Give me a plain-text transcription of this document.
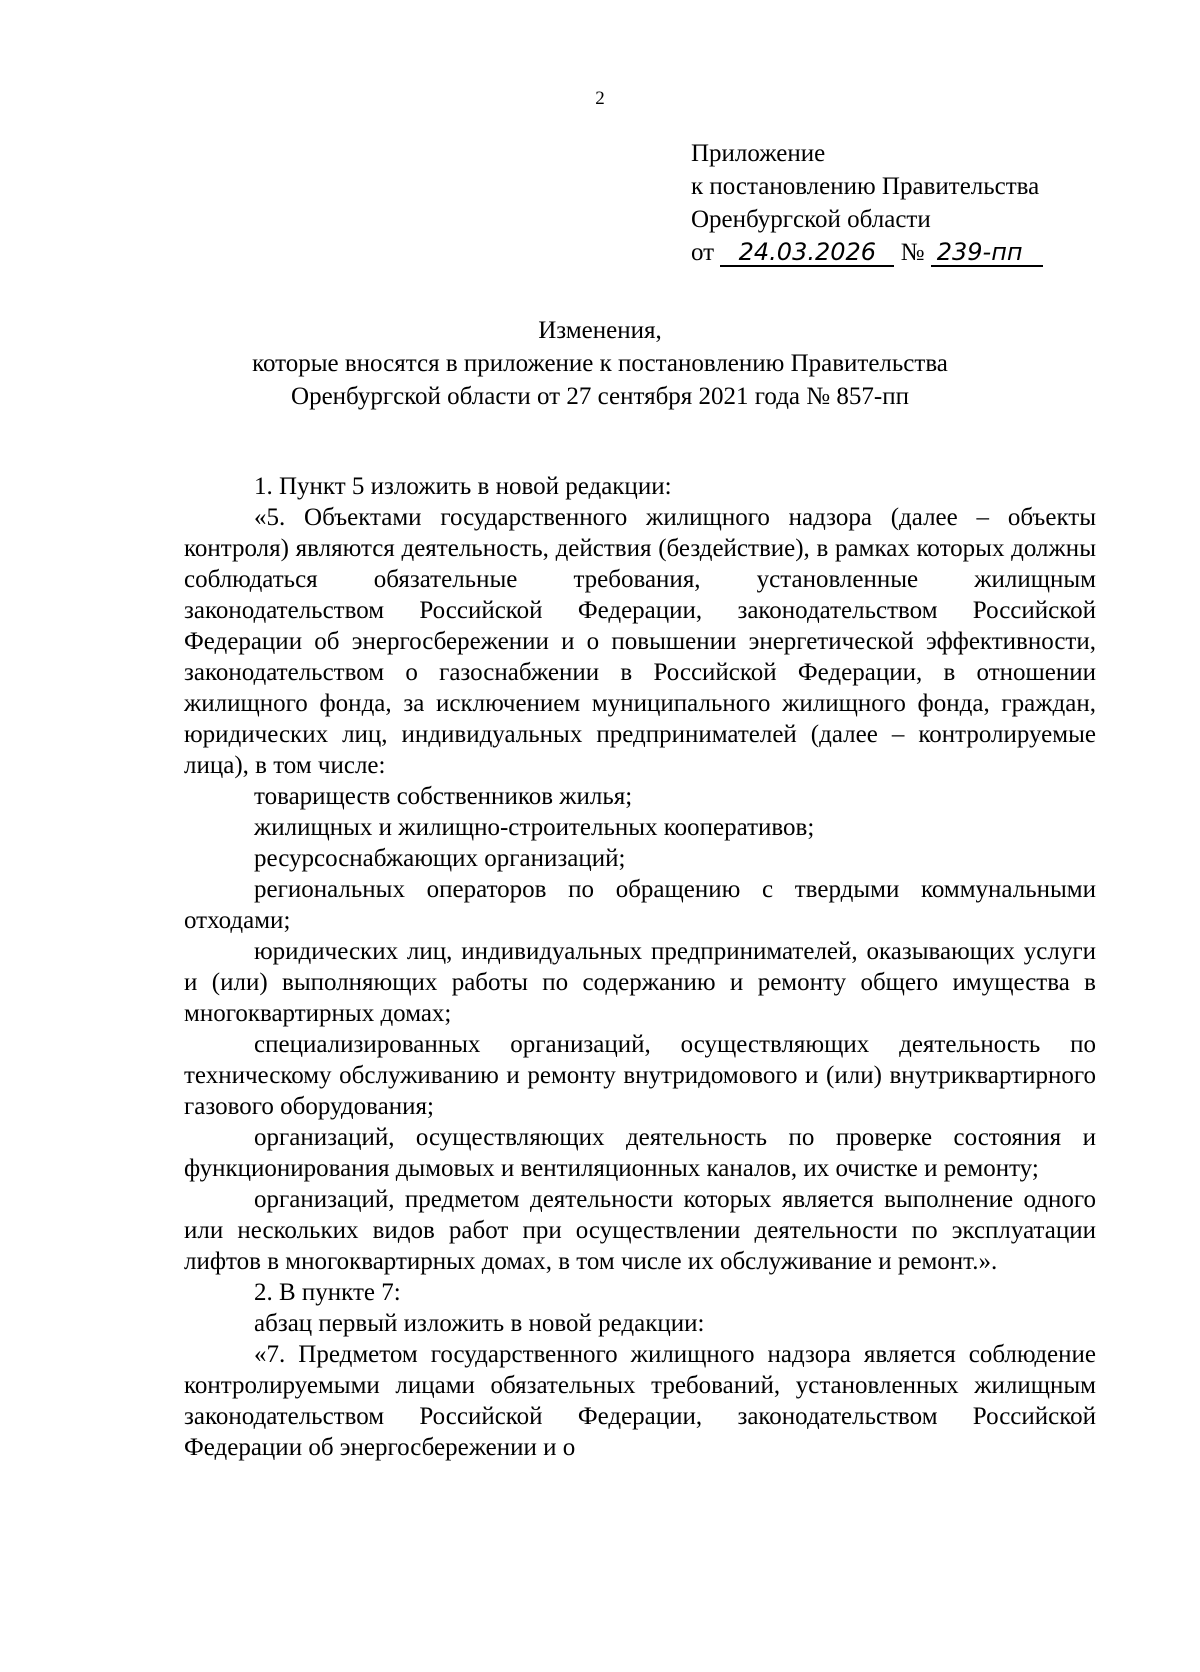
2
Приложение
к постановлению Правительства
Оренбургской области
от 24.03.2026 № 239-пп
Изменения,
которые вносятся в приложение к постановлению Правительства
Оренбургской области от 27 сентября 2021 года № 857-пп

1. Пункт 5 изложить в новой редакции:

«5. Объектами государственного жилищного надзора (далее – объекты контроля) являются деятельность, действия (бездействие), в рамках которых должны соблюдаться обязательные требования, установленные жилищным законодательством Российской Федерации, законодательством Российской Федерации об энергосбережении и о повышении энергетической эффективности, законодательством о газоснабжении в Российской Федерации, в отношении жилищного фонда, за исключением муниципального жилищного фонда, граждан, юридических лиц, индивидуальных предпринимателей (далее – контролируемые лица), в том числе:

товариществ собственников жилья;

жилищных и жилищно-строительных кооперативов;

ресурсоснабжающих организаций;

региональных операторов по обращению с твердыми коммунальными отходами;

юридических лиц, индивидуальных предпринимателей, оказывающих услуги и (или) выполняющих работы по содержанию и ремонту общего имущества в многоквартирных домах;

специализированных организаций, осуществляющих деятельность по техническому обслуживанию и ремонту внутридомового и (или) внутриквартирного газового оборудования;

организаций, осуществляющих деятельность по проверке состояния и функционирования дымовых и вентиляционных каналов, их очистке и ремонту;

организаций, предметом деятельности которых является выполнение одного или нескольких видов работ при осуществлении деятельности по эксплуатации лифтов в многоквартирных домах, в том числе их обслуживание и ремонт.».

2. В пункте 7:

абзац первый изложить в новой редакции:

«7. Предметом государственного жилищного надзора является соблюдение контролируемыми лицами обязательных требований, установленных жилищным законодательством Российской Федерации, законодательством Российской Федерации об энергосбережении и о
